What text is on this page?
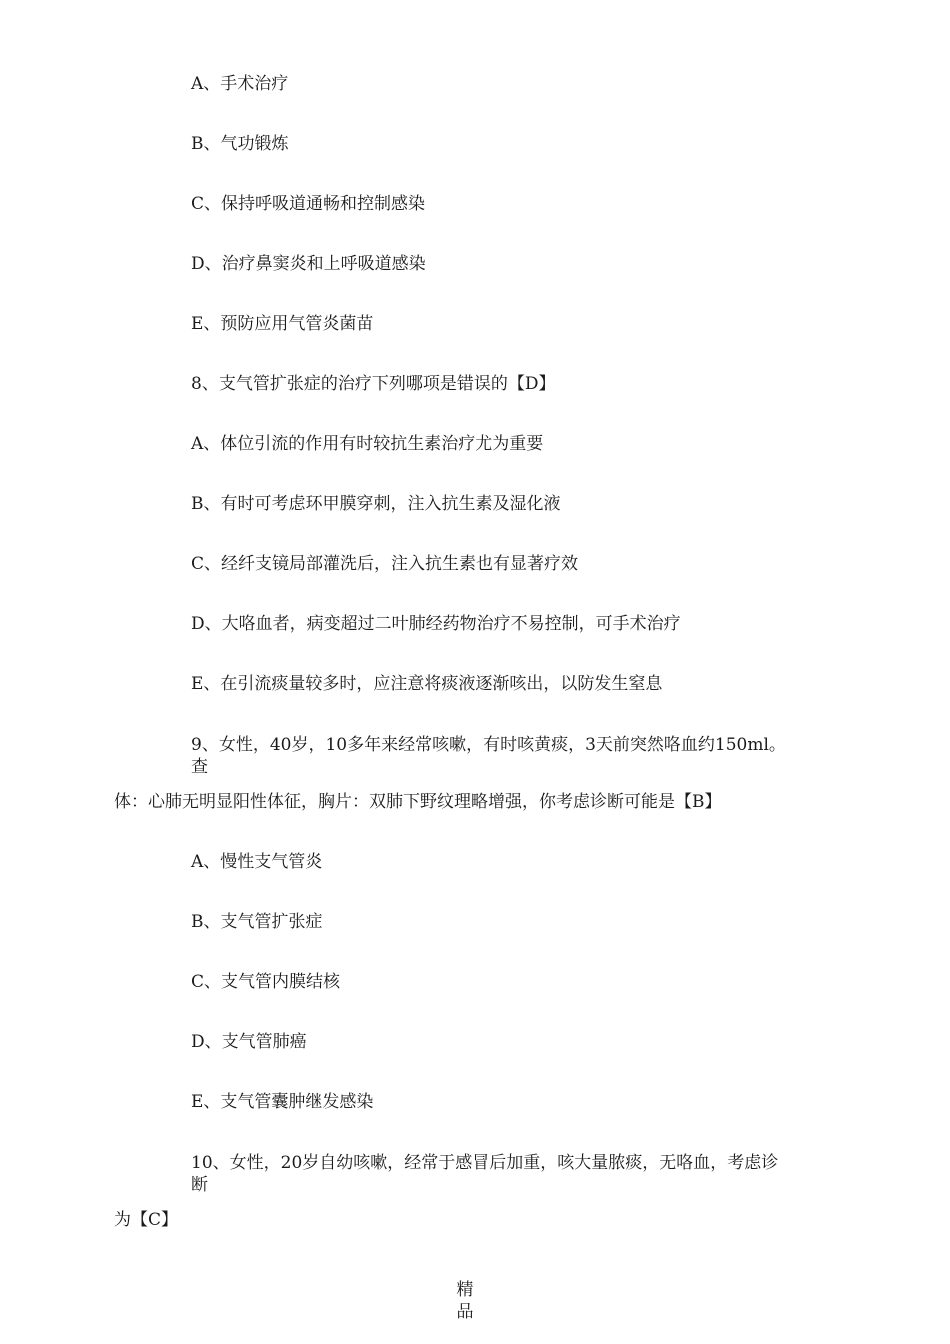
A、手术治疗

B、气功锻炼

C、保持呼吸道通畅和控制感染

D、治疗鼻窦炎和上呼吸道感染

E、预防应用气管炎菌苗

8、支气管扩张症的治疗下列哪项是错误的【D】

A、体位引流的作用有时较抗生素治疗尤为重要

B、有时可考虑环甲膜穿刺，注入抗生素及湿化液

C、经纤支镜局部灌洗后，注入抗生素也有显著疗效

D、大咯血者，病变超过二叶肺经药物治疗不易控制，可手术治疗

E、在引流痰量较多时，应注意将痰液逐渐咳出，以防发生窒息

9、女性，40岁，10多年来经常咳嗽，有时咳黄痰，3天前突然咯血约150ml。

查

体：心肺无明显阳性体征，胸片：双肺下野纹理略增强，你考虑诊断可能是【B】

A、慢性支气管炎

B、支气管扩张症

C、支气管内膜结核

D、支气管肺癌

E、支气管囊肿继发感染

10、女性，20岁自幼咳嗽，经常于感冒后加重，咳大量脓痰，无咯血，考虑诊

断

为【C】

精品
